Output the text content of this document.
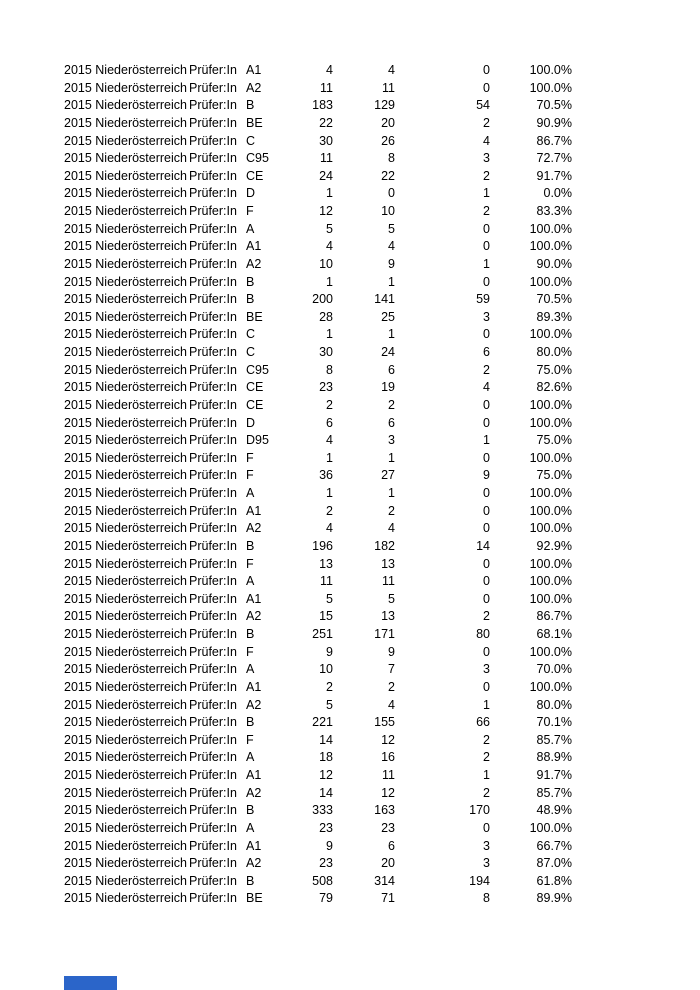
2015 Niederösterreich Prüfer:In A1	4	4	0	100.0%
2015 Niederösterreich Prüfer:In A2	11	11	0	100.0%
2015 Niederösterreich Prüfer:In B	183	129	54	70.5%
2015 Niederösterreich Prüfer:In BE	22	20	2	90.9%
2015 Niederösterreich Prüfer:In C	30	26	4	86.7%
2015 Niederösterreich Prüfer:In C95	11	8	3	72.7%
2015 Niederösterreich Prüfer:In CE	24	22	2	91.7%
2015 Niederösterreich Prüfer:In D	1	0	1	0.0%
2015 Niederösterreich Prüfer:In F	12	10	2	83.3%
2015 Niederösterreich Prüfer:In A	5	5	0	100.0%
2015 Niederösterreich Prüfer:In A1	4	4	0	100.0%
2015 Niederösterreich Prüfer:In A2	10	9	1	90.0%
2015 Niederösterreich Prüfer:In B	1	1	0	100.0%
2015 Niederösterreich Prüfer:In B	200	141	59	70.5%
2015 Niederösterreich Prüfer:In BE	28	25	3	89.3%
2015 Niederösterreich Prüfer:In C	1	1	0	100.0%
2015 Niederösterreich Prüfer:In C	30	24	6	80.0%
2015 Niederösterreich Prüfer:In C95	8	6	2	75.0%
2015 Niederösterreich Prüfer:In CE	23	19	4	82.6%
2015 Niederösterreich Prüfer:In CE	2	2	0	100.0%
2015 Niederösterreich Prüfer:In D	6	6	0	100.0%
2015 Niederösterreich Prüfer:In D95	4	3	1	75.0%
2015 Niederösterreich Prüfer:In F	1	1	0	100.0%
2015 Niederösterreich Prüfer:In F	36	27	9	75.0%
2015 Niederösterreich Prüfer:In A	1	1	0	100.0%
2015 Niederösterreich Prüfer:In A1	2	2	0	100.0%
2015 Niederösterreich Prüfer:In A2	4	4	0	100.0%
2015 Niederösterreich Prüfer:In B	196	182	14	92.9%
2015 Niederösterreich Prüfer:In F	13	13	0	100.0%
2015 Niederösterreich Prüfer:In A	11	11	0	100.0%
2015 Niederösterreich Prüfer:In A1	5	5	0	100.0%
2015 Niederösterreich Prüfer:In A2	15	13	2	86.7%
2015 Niederösterreich Prüfer:In B	251	171	80	68.1%
2015 Niederösterreich Prüfer:In F	9	9	0	100.0%
2015 Niederösterreich Prüfer:In A	10	7	3	70.0%
2015 Niederösterreich Prüfer:In A1	2	2	0	100.0%
2015 Niederösterreich Prüfer:In A2	5	4	1	80.0%
2015 Niederösterreich Prüfer:In B	221	155	66	70.1%
2015 Niederösterreich Prüfer:In F	14	12	2	85.7%
2015 Niederösterreich Prüfer:In A	18	16	2	88.9%
2015 Niederösterreich Prüfer:In A1	12	11	1	91.7%
2015 Niederösterreich Prüfer:In A2	14	12	2	85.7%
2015 Niederösterreich Prüfer:In B	333	163	170	48.9%
2015 Niederösterreich Prüfer:In A	23	23	0	100.0%
2015 Niederösterreich Prüfer:In A1	9	6	3	66.7%
2015 Niederösterreich Prüfer:In A2	23	20	3	87.0%
2015 Niederösterreich Prüfer:In B	508	314	194	61.8%
2015 Niederösterreich Prüfer:In BE	79	71	8	89.9%
